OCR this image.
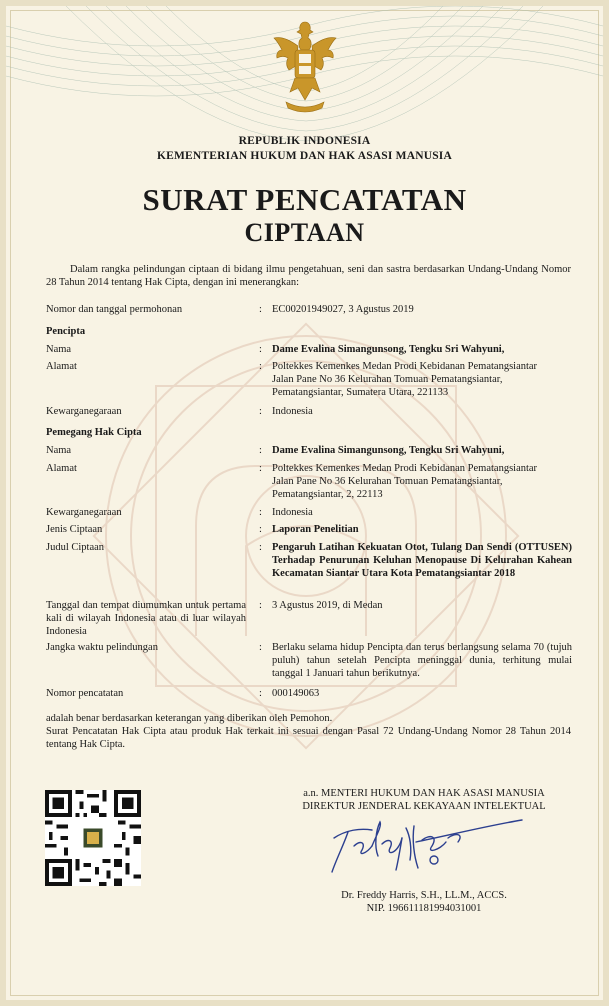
REPUBLIK INDONESIA
KEMENTERIAN HUKUM DAN HAK ASASI MANUSIA
SURAT PENCATATAN
CIPTAAN
Dalam rangka pelindungan ciptaan di bidang ilmu pengetahuan, seni dan sastra berdasarkan Undang-Undang Nomor 28 Tahun 2014 tentang Hak Cipta, dengan ini menerangkan:
Nomor dan tanggal permohonan	: EC00201949027, 3 Agustus 2019
Pencipta
Nama	: Dame Evalina Simangunsong, Tengku Sri Wahyuni,
Alamat	: Poltekkes Kemenkes Medan Prodi Kebidanan Pematangsiantar
Jalan Pane No 36 Kelurahan Tomuan Pematangsiantar,
Pematangsiantar, Sumatera Utara, 221133
Kewarganegaraan	: Indonesia
Pemegang Hak Cipta
Nama	: Dame Evalina Simangunsong, Tengku Sri Wahyuni,
Alamat	: Poltekkes Kemenkes Medan Prodi Kebidanan Pematangsiantar
Jalan Pane No 36 Kelurahan Tomuan Pematangsiantar,
Pematangsiantar, 2, 22113
Kewarganegaraan	: Indonesia
Jenis Ciptaan	: Laporan Penelitian
Judul Ciptaan	: Pengaruh Latihan Kekuatan Otot, Tulang Dan Sendi (OTTUSEN) Terhadap Penurunan Keluhan Menopause Di Kelurahan Kahean Kecamatan Siantar Utara Kota Pematangsiantar 2018
Tanggal dan tempat diumumkan untuk pertama kali di wilayah Indonesia atau di luar wilayah Indonesia
: 3 Agustus 2019, di Medan
Jangka waktu pelindungan	: Berlaku selama hidup Pencipta dan terus berlangsung selama 70 (tujuh puluh) tahun setelah Pencipta meninggal dunia, terhitung mulai tanggal 1 Januari tahun berikutnya.
Nomor pencatatan	: 000149063
adalah benar berdasarkan keterangan yang diberikan oleh Pemohon.
Surat Pencatatan Hak Cipta atau produk Hak terkait ini sesuai dengan Pasal 72 Undang-Undang Nomor 28 Tahun 2014 tentang Hak Cipta.
a.n. MENTERI HUKUM DAN HAK ASASI MANUSIA
DIREKTUR JENDERAL KEKAYAAN INTELEKTUAL
Dr. Freddy Harris, S.H., LL.M., ACCS.
NIP. 196611181994031001
